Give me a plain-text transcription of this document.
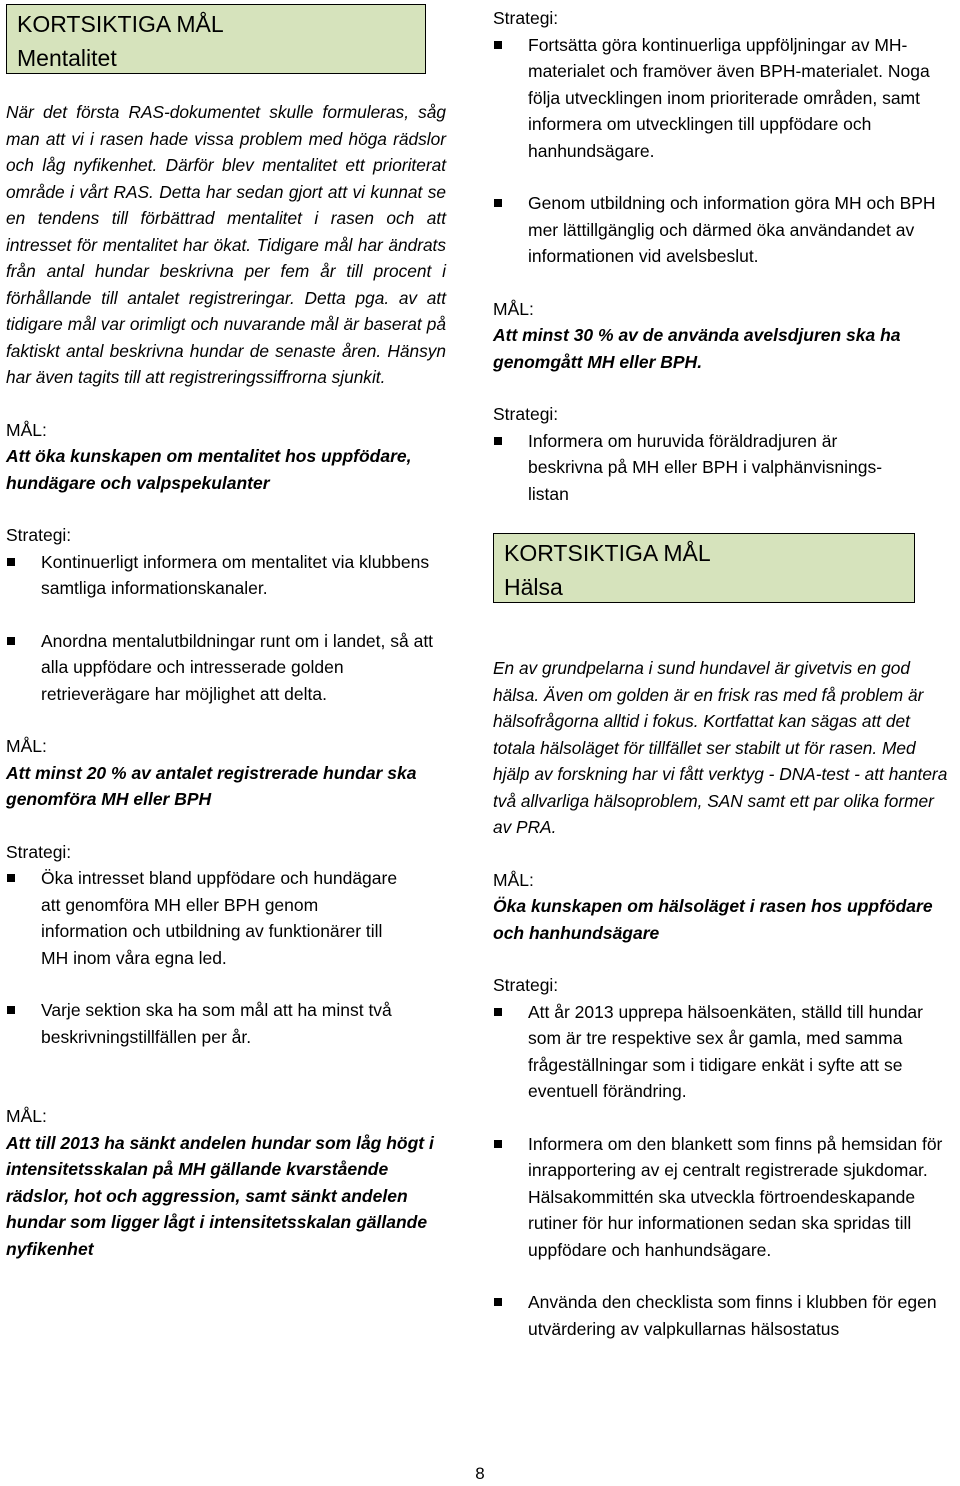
KORTSIKTIGA MÅL
Mentalitet

När det första RAS-dokumentet skulle formuleras, såg man att vi i rasen hade vissa problem med höga rädslor och låg nyfikenhet. Därför blev mentalitet ett prioriterat område i vårt RAS. Detta har sedan gjort att vi kunnat se en tendens till förbättrad mentalitet i rasen och att intresset för mentalitet har ökat. Tidigare mål har ändrats från antal hundar beskrivna per fem år till procent i förhållande till antalet registreringar. Detta pga. av att tidigare mål var orimligt och nuvarande mål är baserat på faktiskt antal beskrivna hundar de senaste åren. Hänsyn har även tagits till att registreringssiffrorna sjunkit.

MÅL:

Att öka kunskapen om mentalitet hos uppfödare, hundägare och valpspekulanter

Strategi:

Kontinuerligt informera om mentalitet via klubbens samtliga informationskanaler.
Anordna mentalutbildningar runt om i landet, så att alla uppfödare och intresserade golden retrieverägare har möjlighet att delta.

MÅL:

Att minst 20 % av antalet registrerade hundar ska genomföra MH eller BPH

Strategi:

Öka intresset bland uppfödare och hundägare att genomföra MH eller BPH genom information och utbildning av funktionärer till MH inom våra egna led.
Varje sektion ska ha som mål att ha minst två beskrivningstillfällen per år.

MÅL:

Att till 2013 ha sänkt andelen hundar som låg högt i intensitetsskalan på MH gällande kvarstående rädslor, hot och aggression, samt sänkt andelen hundar som ligger lågt i intensitetsskalan gällande nyfikenhet

Strategi:

Fortsätta göra kontinuerliga uppföljningar av MH-materialet och framöver även BPH-materialet. Noga följa utvecklingen inom prioriterade områden, samt informera om utvecklingen till uppfödare och hanhundsägare.
Genom utbildning och information göra MH och BPH mer lättillgänglig och därmed öka användandet av informationen vid avelsbeslut.

MÅL:

Att minst 30 % av de använda avelsdjuren ska ha genomgått MH eller BPH.

Strategi:

Informera om huruvida föräldradjuren är beskrivna på MH eller BPH i valphänvisnings-listan
KORTSIKTIGA MÅL
Hälsa

En av grundpelarna i sund hundavel är givetvis en god hälsa. Även om golden är en frisk ras med få problem är hälsofrågorna alltid i fokus. Kortfattat kan sägas att det totala hälsoläget för tillfället ser stabilt ut för rasen. Med hjälp av forskning har vi fått verktyg - DNA-test - att hantera två allvarliga hälsoproblem, SAN samt ett par olika former av PRA.

MÅL:

Öka kunskapen om hälsoläget i rasen hos uppfödare och hanhundsägare

Strategi:

Att år 2013 upprepa hälsoenkäten, ställd till hundar som är tre respektive sex år gamla, med samma frågeställningar som i tidigare enkät i syfte att se eventuell förändring.
Informera om den blankett som finns på hemsidan för inrapportering av ej centralt registrerade sjukdomar. Hälsakommittén ska utveckla förtroendeskapande rutiner för hur informationen sedan ska spridas till uppfödare och hanhundsägare.
Använda den checklista som finns i klubben för egen utvärdering av valpkullarnas hälsostatus
8
